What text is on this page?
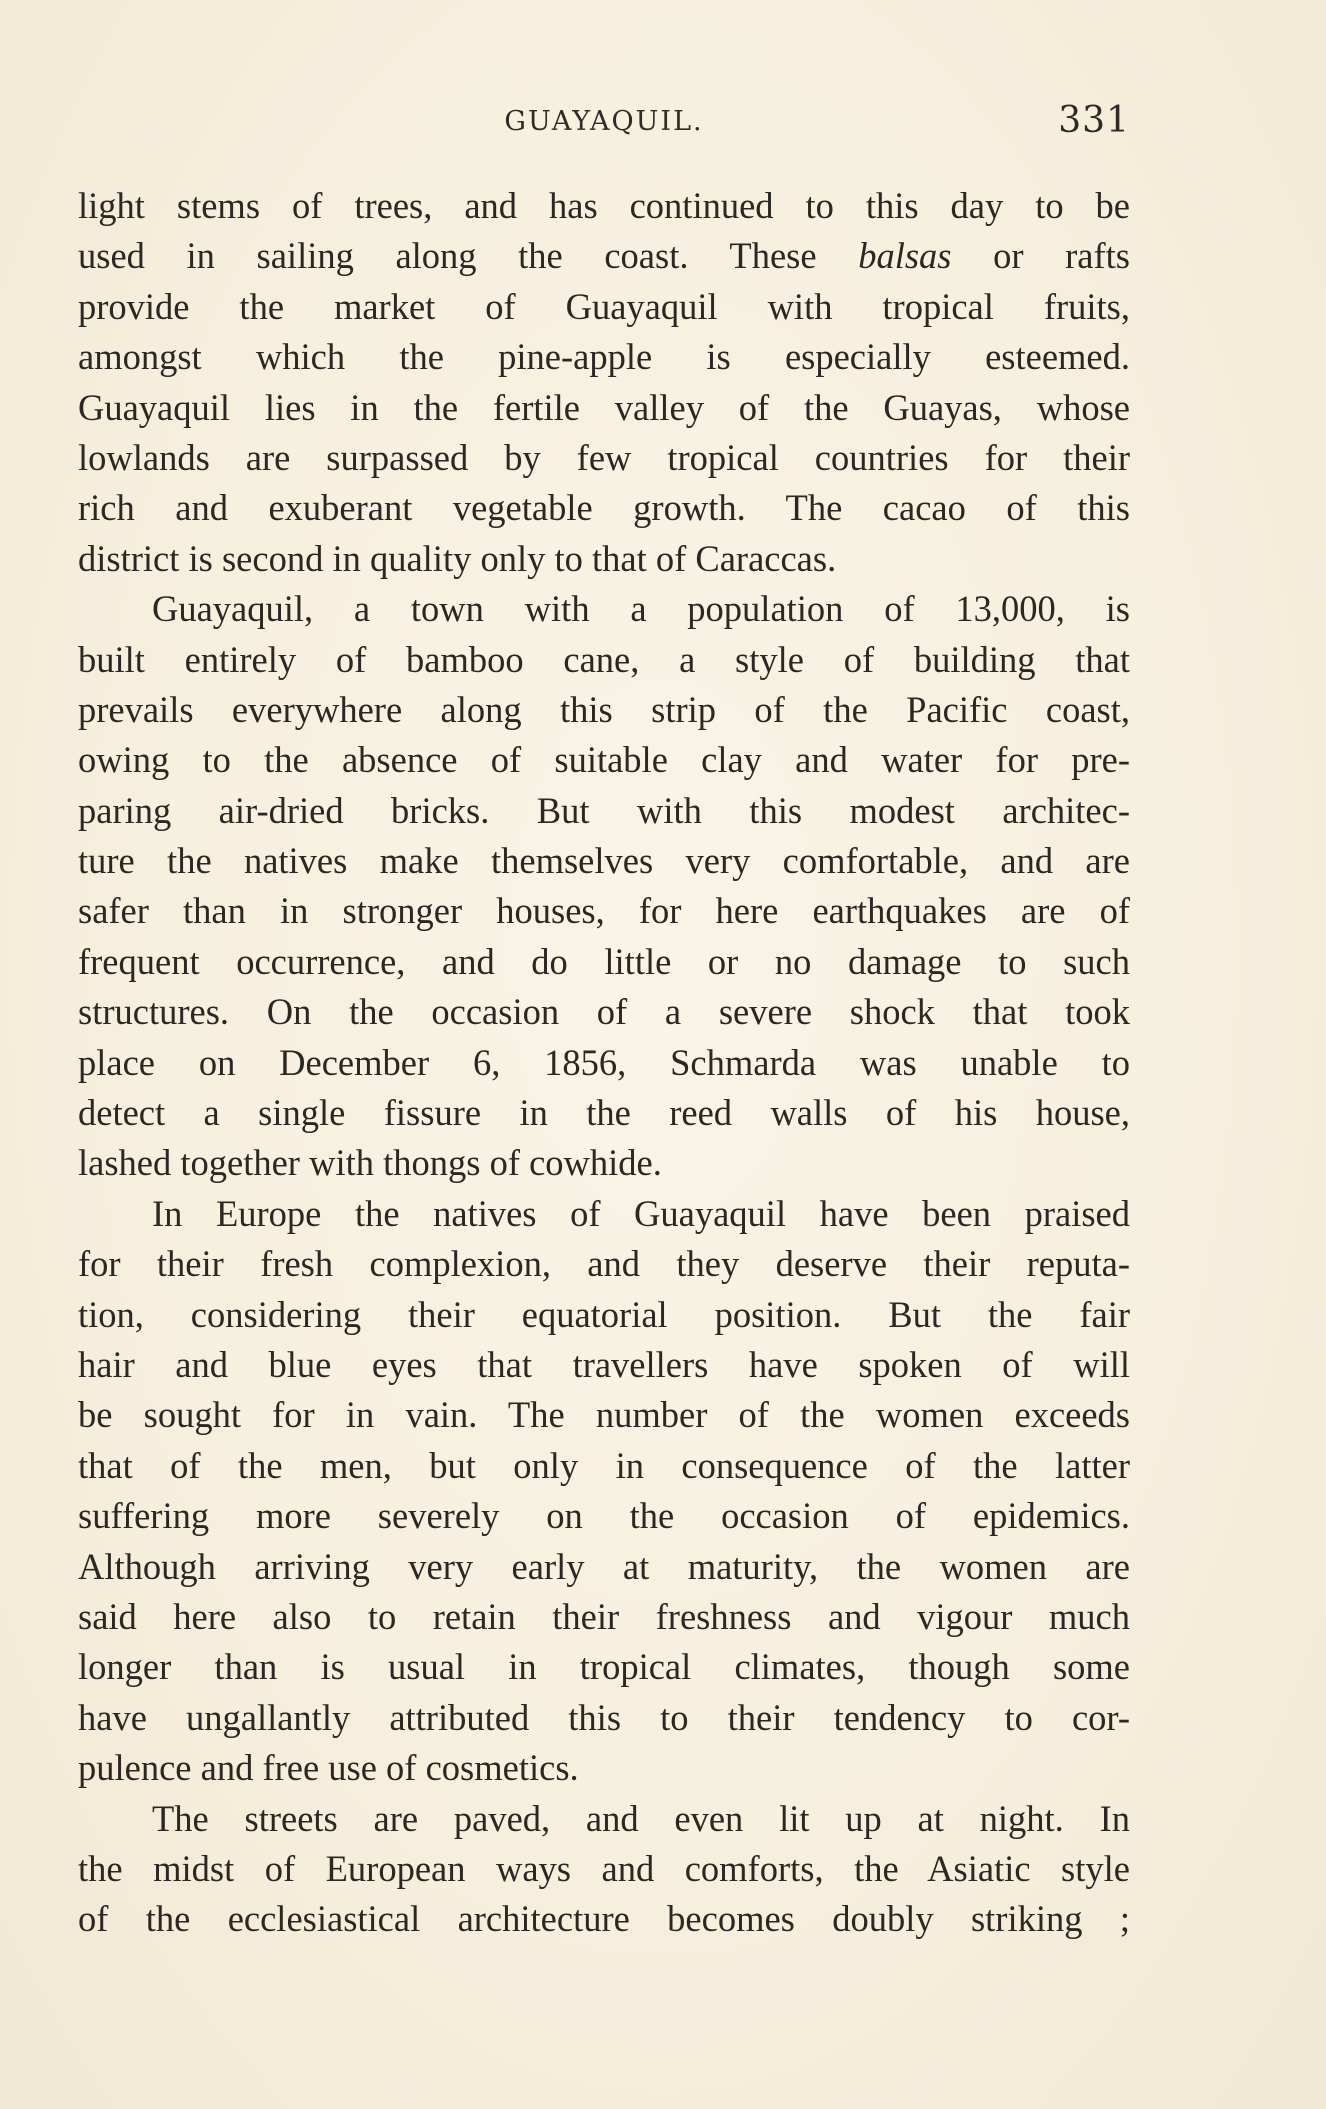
GUAYAQUIL.	331
light stems of trees, and has continued to this day to be
used in sailing along the coast. These balsas or rafts
provide the market of Guayaquil with tropical fruits,
amongst which the pine-apple is especially esteemed.
Guayaquil lies in the fertile valley of the Guayas, whose
lowlands are surpassed by few tropical countries for their
rich and exuberant vegetable growth. The cacao of this
district is second in quality only to that of Caraccas.
Guayaquil, a town with a population of 13,000, is
built entirely of bamboo cane, a style of building that
prevails everywhere along this strip of the Pacific coast,
owing to the absence of suitable clay and water for pre-
paring air-dried bricks. But with this modest architec-
ture the natives make themselves very comfortable, and are
safer than in stronger houses, for here earthquakes are of
frequent occurrence, and do little or no damage to such
structures. On the occasion of a severe shock that took
place on December 6, 1856, Schmarda was unable to
detect a single fissure in the reed walls of his house,
lashed together with thongs of cowhide.
In Europe the natives of Guayaquil have been praised
for their fresh complexion, and they deserve their reputa-
tion, considering their equatorial position. But the fair
hair and blue eyes that travellers have spoken of will
be sought for in vain. The number of the women exceeds
that of the men, but only in consequence of the latter
suffering more severely on the occasion of epidemics.
Although arriving very early at maturity, the women are
said here also to retain their freshness and vigour much
longer than is usual in tropical climates, though some
have ungallantly attributed this to their tendency to cor-
pulence and free use of cosmetics.
The streets are paved, and even lit up at night. In
the midst of European ways and comforts, the Asiatic style
of the ecclesiastical architecture becomes doubly striking ;
